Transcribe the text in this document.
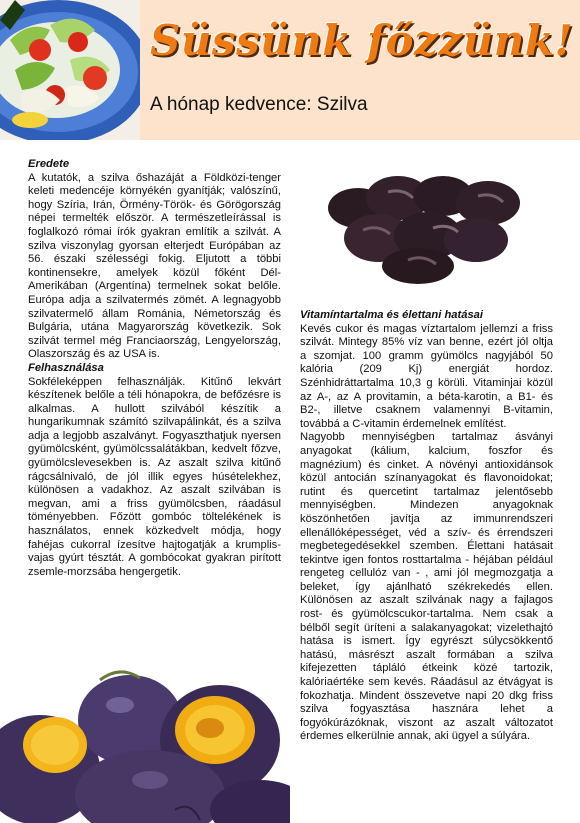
Süssünk főzzünk!
A hónap kedvence: Szilva
Eredete
A kutatók, a szilva őshazáját a Földközi-tenger keleti medencéje környékén gyanítják; valószínű, hogy Szíria, Irán, Örmény-Török- és Görögország népei termelték először. A természetleírással is foglalkozó római írók gyakran említik a szilvát. A szilva viszonylag gyorsan elterjedt Európában az 56. északi szélességi fokig. Eljutott a többi kontinensekre, amelyek közül főként Dél-Amerikában (Argentína) termelnek sokat belőle. Európa adja a szilvatermés zömét. A legnagyobb szilvatermelő állam Románia, Németország és Bulgária, utána Magyarország következik. Sok szilvát termel még Franciaország, Lengyelország, Olaszország és az USA is.
Felhasználása
Sokféleképpen felhasználják. Kitűnő lekvárt készítenek belőle a téli hónapokra, de befőzésre is alkalmas. A hullott szilvából készítik a hungarikumnak számító szilvapálinkát, és a szilva adja a legjobb aszalványt. Fogyaszthatjuk nyersen gyümölcsként, gyümölcssalátákban, kedvelt főzve, gyümölcslevesekben is. Az aszalt szilva kitűnő rágcsálnivaló, de jól illik egyes húsételekhez, különösen a vadakhoz. Az aszalt szilvában is megvan, ami a friss gyümölcsben, ráadásul töményebben. Főzött gombóc töltelékének is használatos, ennek közkedvelt módja, hogy fahéjas cukorral ízesítve hajtogatják a krumplis-vajas gyúrt tésztát. A gombócokat gyakran pirított zsemle-morzsába hengergetik.
Vitamíntartalma és élettani hatásai
Kevés cukor és magas víztartalom jellemzi a friss szilvát. Mintegy 85% víz van benne, ezért jól oltja a szomjat. 100 gramm gyümölcs nagyjából 50 kalória (209 Kj) energiát hordoz. Szénhidráttartalma 10,3 g körüli. Vitaminjai közül az A-, az A provitamin, a béta-karotin, a B1- és B2-, illetve csaknem valamennyi B-vitamin, továbbá a C-vitamin érdemelnek említést.
Nagyobb mennyiségben tartalmaz ásványi anyagokat (kálium, kalcium, foszfor és magnézium) és cinket. A növényi antioxidánsok közül antocián színanyagokat és flavonoidokat; rutint és quercetint tartalmaz jelentősebb mennyiségben. Mindezen anyagoknak köszönhetően javítja az immunrendszeri ellenállóképességet, véd a szív- és érrendszeri megbetegedésekkel szemben. Élettani hatásait tekintve igen fontos rosttartalma - héjában például rengeteg cellulóz van - , ami jól megmozgatja a beleket, így ajánlható székrekedés ellen. Különösen az aszalt szilvának nagy a fajlagos rost- és gyümölcscukor-tartalma. Nem csak a bélből segít üríteni a salakanyagokat; vizelethajtó hatása is ismert. Így egyrészt súlycsökkentő hatású, másrészt aszalt formában a szilva kifejezetten tápláló étkeink közé tartozik, kalóriaértéke sem kevés. Ráadásul az étvágyat is fokozhatja. Mindent összevetve napi 20 dkg friss szilva fogyasztása hasznára lehet a fogyókúrázóknak, viszont az aszalt változatot érdemes elkerülnie annak, aki ügyel a súlyára.
